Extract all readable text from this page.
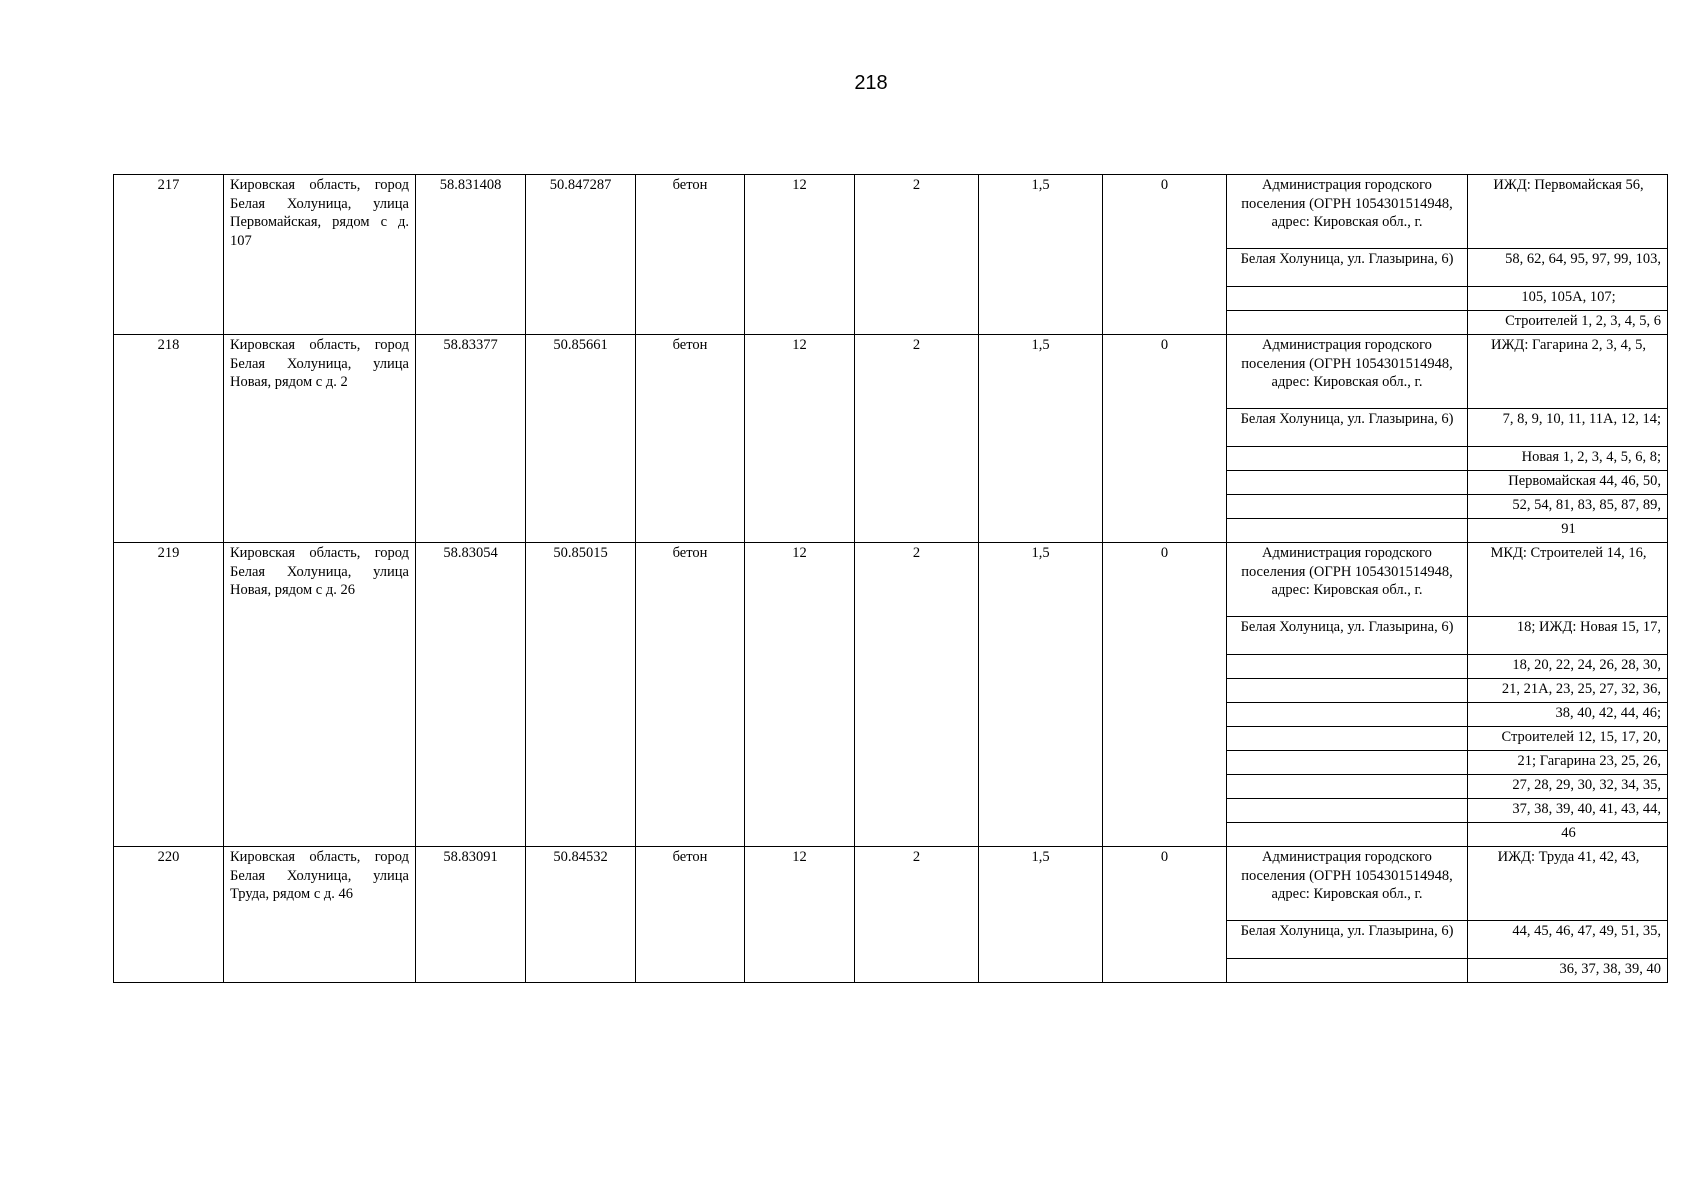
218
217	Кировская область, город Белая Холуница, улица Первомайская, рядом с д. 107	58.831408	50.847287	бетон	12	2	1,5	0	Администрация городского поселения (ОГРН 1054301514948, адрес: Кировская обл., г.	ИЖД: Первомайская 56,
									Белая Холуница, ул. Глазырина, 6)	58, 62, 64, 95, 97, 99, 103,
										105, 105А, 107;
										Строителей 1, 2, 3, 4, 5, 6
218	Кировская область, город Белая Холуница, улица Новая, рядом с д. 2	58.83377	50.85661	бетон	12	2	1,5	0	Администрация городского поселения (ОГРН 1054301514948, адрес: Кировская обл., г.	ИЖД: Гагарина 2, 3, 4, 5,
									Белая Холуница, ул. Глазырина, 6)	7, 8, 9, 10, 11, 11А, 12, 14;
										Новая 1, 2, 3, 4, 5, 6, 8;
										Первомайская 44, 46, 50,
										52, 54, 81, 83, 85, 87, 89,
										91
219	Кировская область, город Белая Холуница, улица Новая, рядом с д. 26	58.83054	50.85015	бетон	12	2	1,5	0	Администрация городского поселения (ОГРН 1054301514948, адрес: Кировская обл., г.	МКД: Строителей 14, 16,
									Белая Холуница, ул. Глазырина, 6)	18; ИЖД: Новая 15, 17,
										18, 20, 22, 24, 26, 28, 30,
										21, 21А, 23, 25, 27, 32, 36,
										38, 40, 42, 44, 46;
										Строителей 12, 15, 17, 20,
										21; Гагарина 23, 25, 26,
										27, 28, 29, 30, 32, 34, 35,
										37, 38, 39, 40, 41, 43, 44,
										46
220	Кировская область, город Белая Холуница, улица Труда, рядом с д. 46	58.83091	50.84532	бетон	12	2	1,5	0	Администрация городского поселения (ОГРН 1054301514948, адрес: Кировская обл., г.	ИЖД: Труда 41, 42, 43,
									Белая Холуница, ул. Глазырина, 6)	44, 45, 46, 47, 49, 51, 35,
										36, 37, 38, 39, 40
